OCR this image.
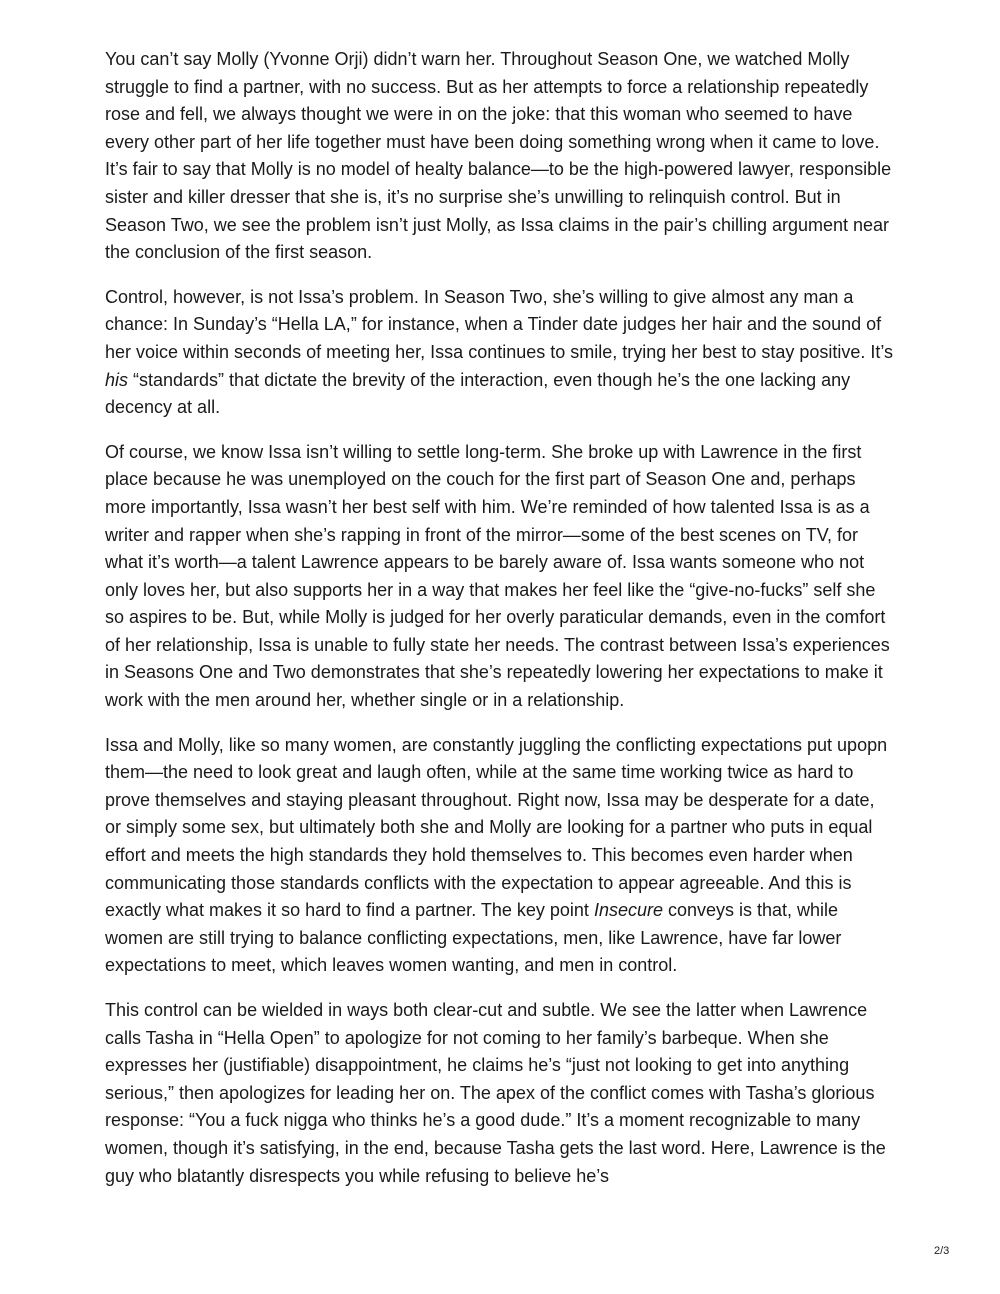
You can’t say Molly (Yvonne Orji) didn’t warn her. Throughout Season One, we watched Molly struggle to find a partner, with no success. But as her attempts to force a relationship repeatedly rose and fell, we always thought we were in on the joke: that this woman who seemed to have every other part of her life together must have been doing something wrong when it came to love. It’s fair to say that Molly is no model of healty balance—to be the high-powered lawyer, responsible sister and killer dresser that she is, it’s no surprise she’s unwilling to relinquish control. But in Season Two, we see the problem isn’t just Molly, as Issa claims in the pair’s chilling argument near the conclusion of the first season.

Control, however, is not Issa’s problem. In Season Two, she’s willing to give almost any man a chance: In Sunday’s “Hella LA,” for instance, when a Tinder date judges her hair and the sound of her voice within seconds of meeting her, Issa continues to smile, trying her best to stay positive. It’s his “standards” that dictate the brevity of the interaction, even though he’s the one lacking any decency at all.

Of course, we know Issa isn’t willing to settle long-term. She broke up with Lawrence in the first place because he was unemployed on the couch for the first part of Season One and, perhaps more importantly, Issa wasn’t her best self with him. We’re reminded of how talented Issa is as a writer and rapper when she’s rapping in front of the mirror—some of the best scenes on TV, for what it’s worth—a talent Lawrence appears to be barely aware of. Issa wants someone who not only loves her, but also supports her in a way that makes her feel like the “give-no-fucks” self she so aspires to be. But, while Molly is judged for her overly paraticular demands, even in the comfort of her relationship, Issa is unable to fully state her needs. The contrast between Issa’s experiences in Seasons One and Two demonstrates that she’s repeatedly lowering her expectations to make it work with the men around her, whether single or in a relationship.

Issa and Molly, like so many women, are constantly juggling the conflicting expectations put upopn them—the need to look great and laugh often, while at the same time working twice as hard to prove themselves and staying pleasant throughout. Right now, Issa may be desperate for a date, or simply some sex, but ultimately both she and Molly are looking for a partner who puts in equal effort and meets the high standards they hold themselves to. This becomes even harder when communicating those standards conflicts with the expectation to appear agreeable. And this is exactly what makes it so hard to find a partner. The key point Insecure conveys is that, while women are still trying to balance conflicting expectations, men, like Lawrence, have far lower expectations to meet, which leaves women wanting, and men in control.

This control can be wielded in ways both clear-cut and subtle. We see the latter when Lawrence calls Tasha in “Hella Open” to apologize for not coming to her family’s barbeque. When she expresses her (justifiable) disappointment, he claims he’s “just not looking to get into anything serious,” then apologizes for leading her on. The apex of the conflict comes with Tasha’s glorious response: “You a fuck nigga who thinks he’s a good dude.” It’s a moment recognizable to many women, though it’s satisfying, in the end, because Tasha gets the last word. Here, Lawrence is the guy who blatantly disrespects you while refusing to believe he’s

2/3
